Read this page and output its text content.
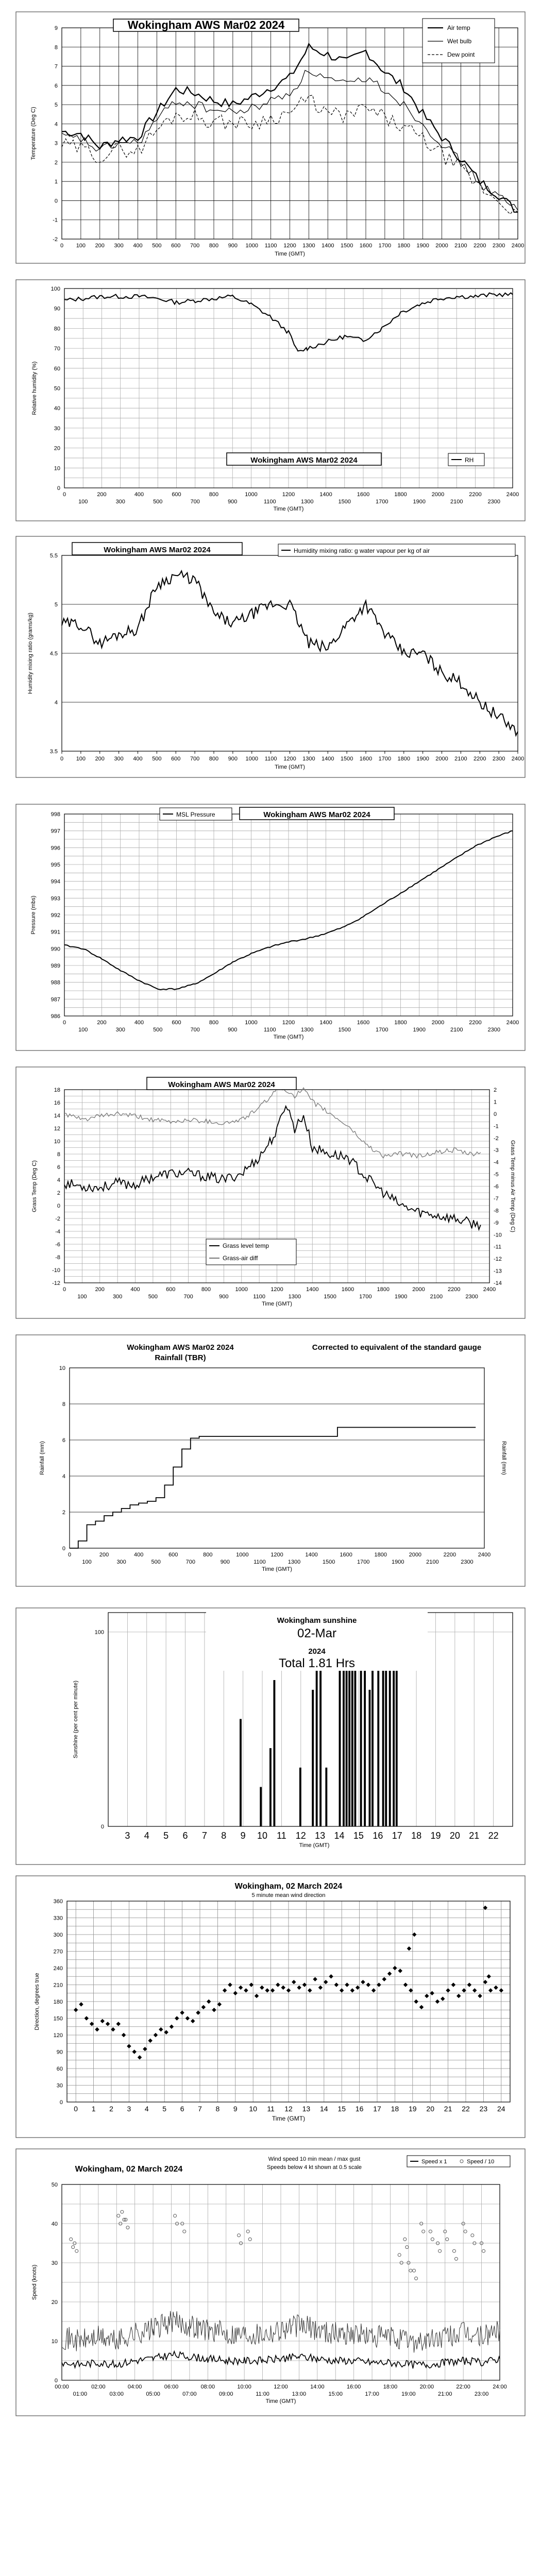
0 100 200 300 400 500 600 700 800 900 1000 1100 1200 1300 1400 1500 1600 1700 1800 1900 2000 2100 2200 2300 2400
-2
-1
0
1
2
3
4
5
6
7
8
9
Time (GMT)
Temperature (Deg C)
Wokingham AWS Mar02 2024	Air temp
Wet bulb
Dew point
0	200	400	600	800	1000	1200	1400	1600	1800	2000	2200	2400
100	300	500	700	900	1100	1300	1500	1700	1900	2100	2300
0
10
20
30
40
50
60
70
80
90
100
Time (GMT)
Relative humidity (%)
Wokingham AWS Mar02 2024	RH
0 100 200 300 400 500 600 700 800 900 1000 1100 1200 1300 1400 1500 1600 1700 1800 1900 2000 2100 2200 2300 2400
3.5
4
4.5
5
5.5
Time (GMT)
Humidity mixing ratio (grams/kg)
Wokingham AWS Mar02 2024	Humidity mixing ratio: g water vapour per kg of air
0	200	400	600	800	1000	1200	1400	1600	1800	2000	2200	2400
100	300	500	700	900	1100	1300	1500	1700	1900	2100	2300
986
987
988
989
990
991
992
993
994
995
996
997
998
Time (GMT)
Pressure (mbs)
MSL Pressure	Wokingham AWS Mar02 2024
0	200	400	600	800	1000	1200	1400	1600	1800	2000	2200	2400
100	300	500	700	900	1100	1300	1500	1700	1900	2100	2300
-12
-10
-8
-6
-4
-2
0
2
4
6
8
10
12
14
16
18
-14
-13
-12
-11
-10
-9
-8
-7
-6
-5
-4
-3
-2
-1
0
1
2
Time (GMT)
Grass Temp (Deg C)	Grass Temp minus Air Temp (Deg C)
Wokingham AWS Mar02 2024
Grass level temp
Grass-air diff
0	200	400	600	800	1000	1200	1400	1600	1800	2000	2200	2400
100	300	500	700	900	1100	1300	1500	1700	1900	2100	2300
0
2
4
6
8
10
Time (GMT)
Rainfall (mm)	Rainfall (mm)
Wokingham AWS Mar02 2024
Rainfall (TBR)
Corrected to equivalent of the standard gauge
3 4 5 6 7 8 9 10 11 12 13 14 15 16 17 18 19 20 21 22
0
100
Time (GMT)
Sunshine (per cent per minute)
Wokingham sunshine
02-Mar
2024
Total 1.81 Hrs
0 1 2 3 4 5 6 7 8 9 10 11 12 13 14 15 16 17 18 19 20 21 22 23 24
0
30
60
90
120
150
180
210
240
270
300
330
360
Time (GMT)
Direction, degrees true
Wokingham, 02 March 2024
5 minute mean wind direction
00:00	02:00	04:00	06:00	08:00	10:00	12:00	14:00	16:00	18:00	20:00	22:00	24:00
01:00	03:00	05:00	07:00	09:00	11:00	13:00	15:00	17:00	19:00	21:00	23:00
0
10
20
30
40
50
Time (GMT)
Speed (knots)
Wokingham, 02 March 2024
Wind speed 10 min mean / max gust
Speeds below 4 kt shown at 0.5 scale
Speed x 1	Speed / 10
